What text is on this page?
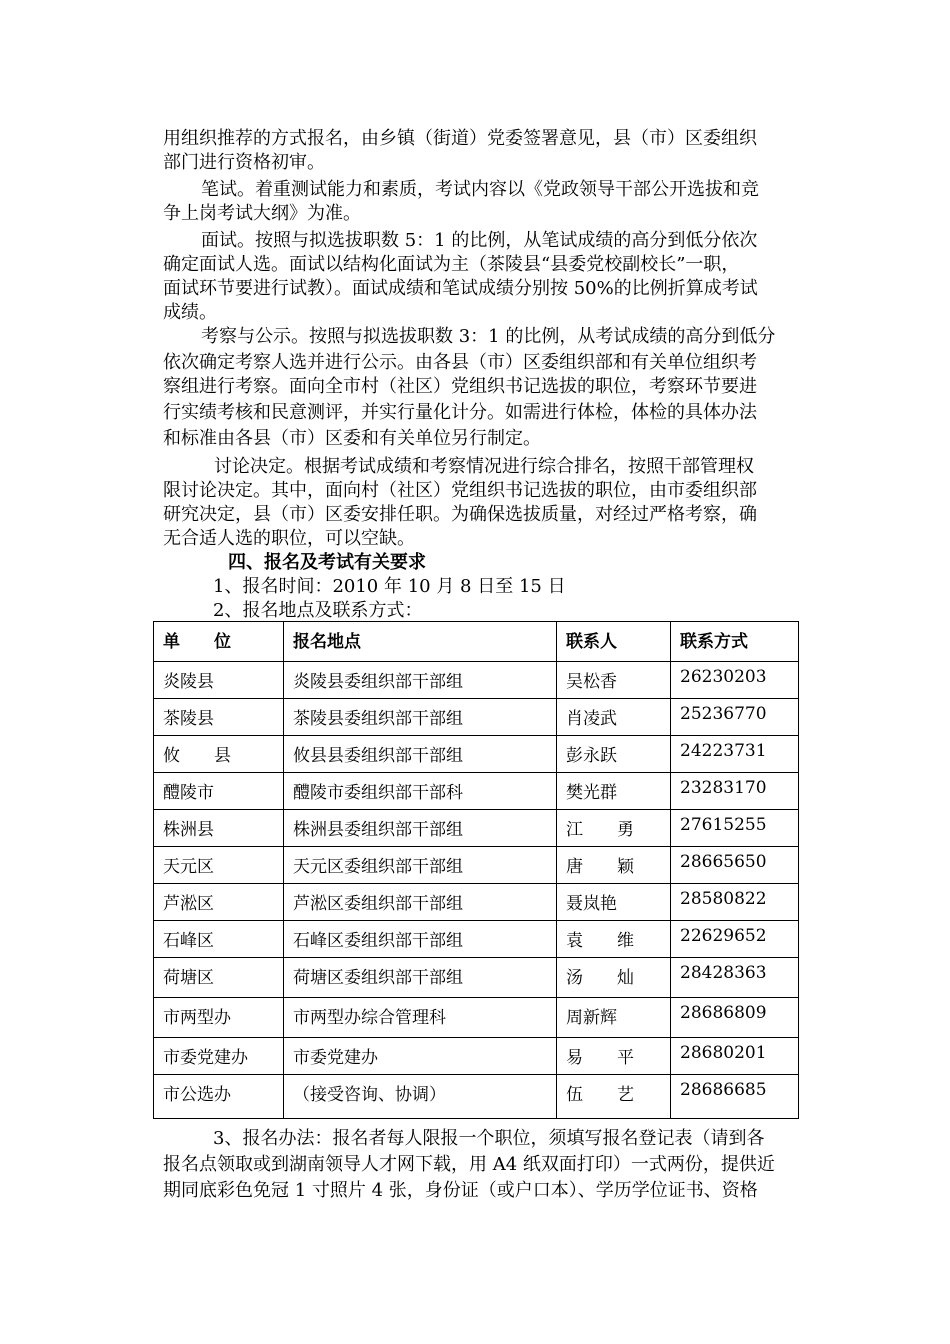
用组织推荐的方式报名，由乡镇（街道）党委签署意见，县（市）区委组织
部门进行资格初审。
笔试。着重测试能力和素质，考试内容以《党政领导干部公开选拔和竞
争上岗考试大纲》为准。
面试。按照与拟选拔职数 5：1 的比例，从笔试成绩的高分到低分依次
确定面试人选。面试以结构化面试为主（茶陵县“县委党校副校长”一职，
面试环节要进行试教）。面试成绩和笔试成绩分别按 50%的比例折算成考试
成绩。
考察与公示。按照与拟选拔职数 3：1 的比例，从考试成绩的高分到低分
依次确定考察人选并进行公示。由各县（市）区委组织部和有关单位组织考
察组进行考察。面向全市村（社区）党组织书记选拔的职位，考察环节要进
行实绩考核和民意测评，并实行量化计分。如需进行体检，体检的具体办法
和标准由各县（市）区委和有关单位另行制定。
讨论决定。根据考试成绩和考察情况进行综合排名，按照干部管理权
限讨论决定。其中，面向村（社区）党组织书记选拔的职位，由市委组织部
研究决定，县（市）区委安排任职。为确保选拔质量，对经过严格考察，确
无合适人选的职位，可以空缺。
四、报名及考试有关要求
1、报名时间：2010 年 10 月 8 日至 15 日
2、报名地点及联系方式：
单　　位	报名地点	联系人	联系方式
炎陵县	炎陵县委组织部干部组	吴松香	26230203
茶陵县	茶陵县委组织部干部组	肖凌武	25236770
攸　　县	攸县县委组织部干部组	彭永跃	24223731
醴陵市	醴陵市委组织部干部科	樊光群	23283170
株洲县	株洲县委组织部干部组	江　　勇	27615255
天元区	天元区委组织部干部组	唐　　颖	28665650
芦淞区	芦淞区委组织部干部组	聂岚艳	28580822
石峰区	石峰区委组织部干部组	袁　　维	22629652
荷塘区	荷塘区委组织部干部组	汤　　灿	28428363
市两型办	市两型办综合管理科	周新辉	28686809
市委党建办	市委党建办	易　　平	28680201
市公选办	（接受咨询、协调）	伍　　艺	28686685
3、报名办法：报名者每人限报一个职位，须填写报名登记表（请到各
报名点领取或到湖南领导人才网下载，用 A4 纸双面打印）一式两份，提供近
期同底彩色免冠 1 寸照片 4 张，身份证（或户口本）、学历学位证书、资格
